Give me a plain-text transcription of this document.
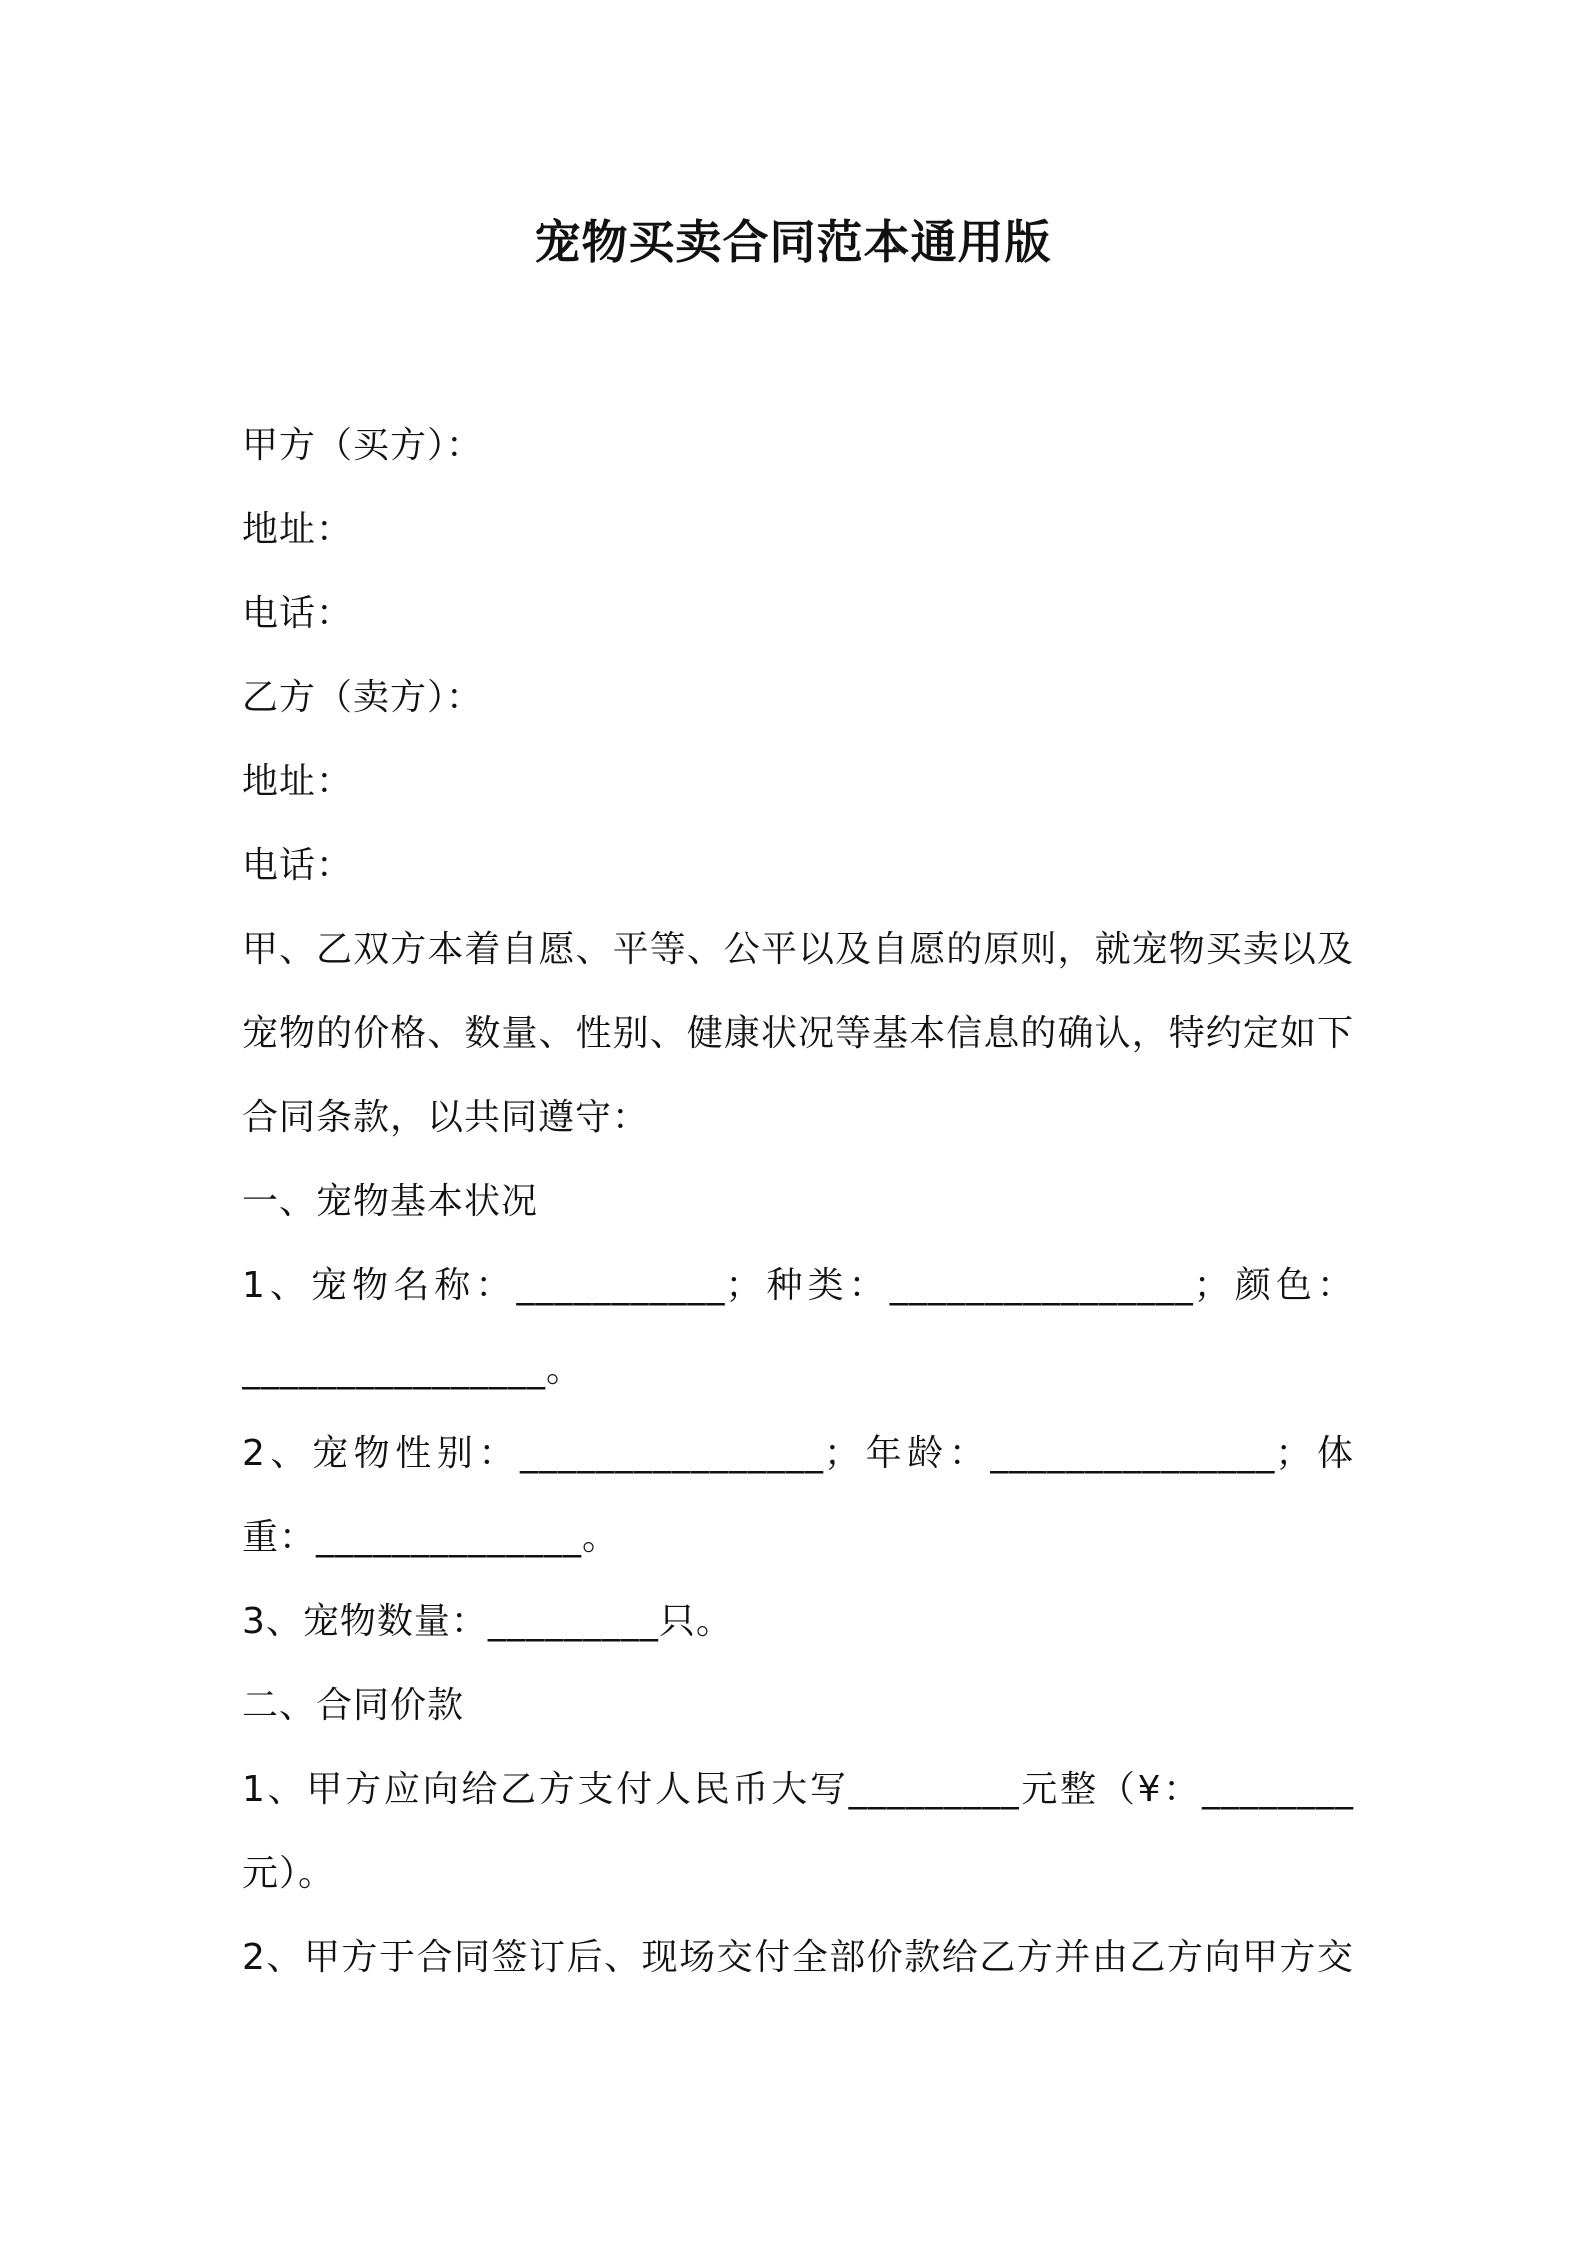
宠物买卖合同范本通用版
甲方（买方）：
地址：
电话：
乙方（卖方）：
地址：
电话：
甲、乙双方本着自愿、平等、公平以及自愿的原则，就宠物买卖以及
宠物的价格、数量、性别、健康状况等基本信息的确认，特约定如下
合同条款，以共同遵守：
一、宠物基本状况
1、宠物名称：___________；种类：________________；颜色：
________________。
2、宠物性别：________________；年龄：_______________；体
重：______________。
3、宠物数量：_________只。
二、合同价款
1、甲方应向给乙方支付人民币大写_________元整（¥：________
元）。
2、甲方于合同签订后、现场交付全部价款给乙方并由乙方向甲方交
